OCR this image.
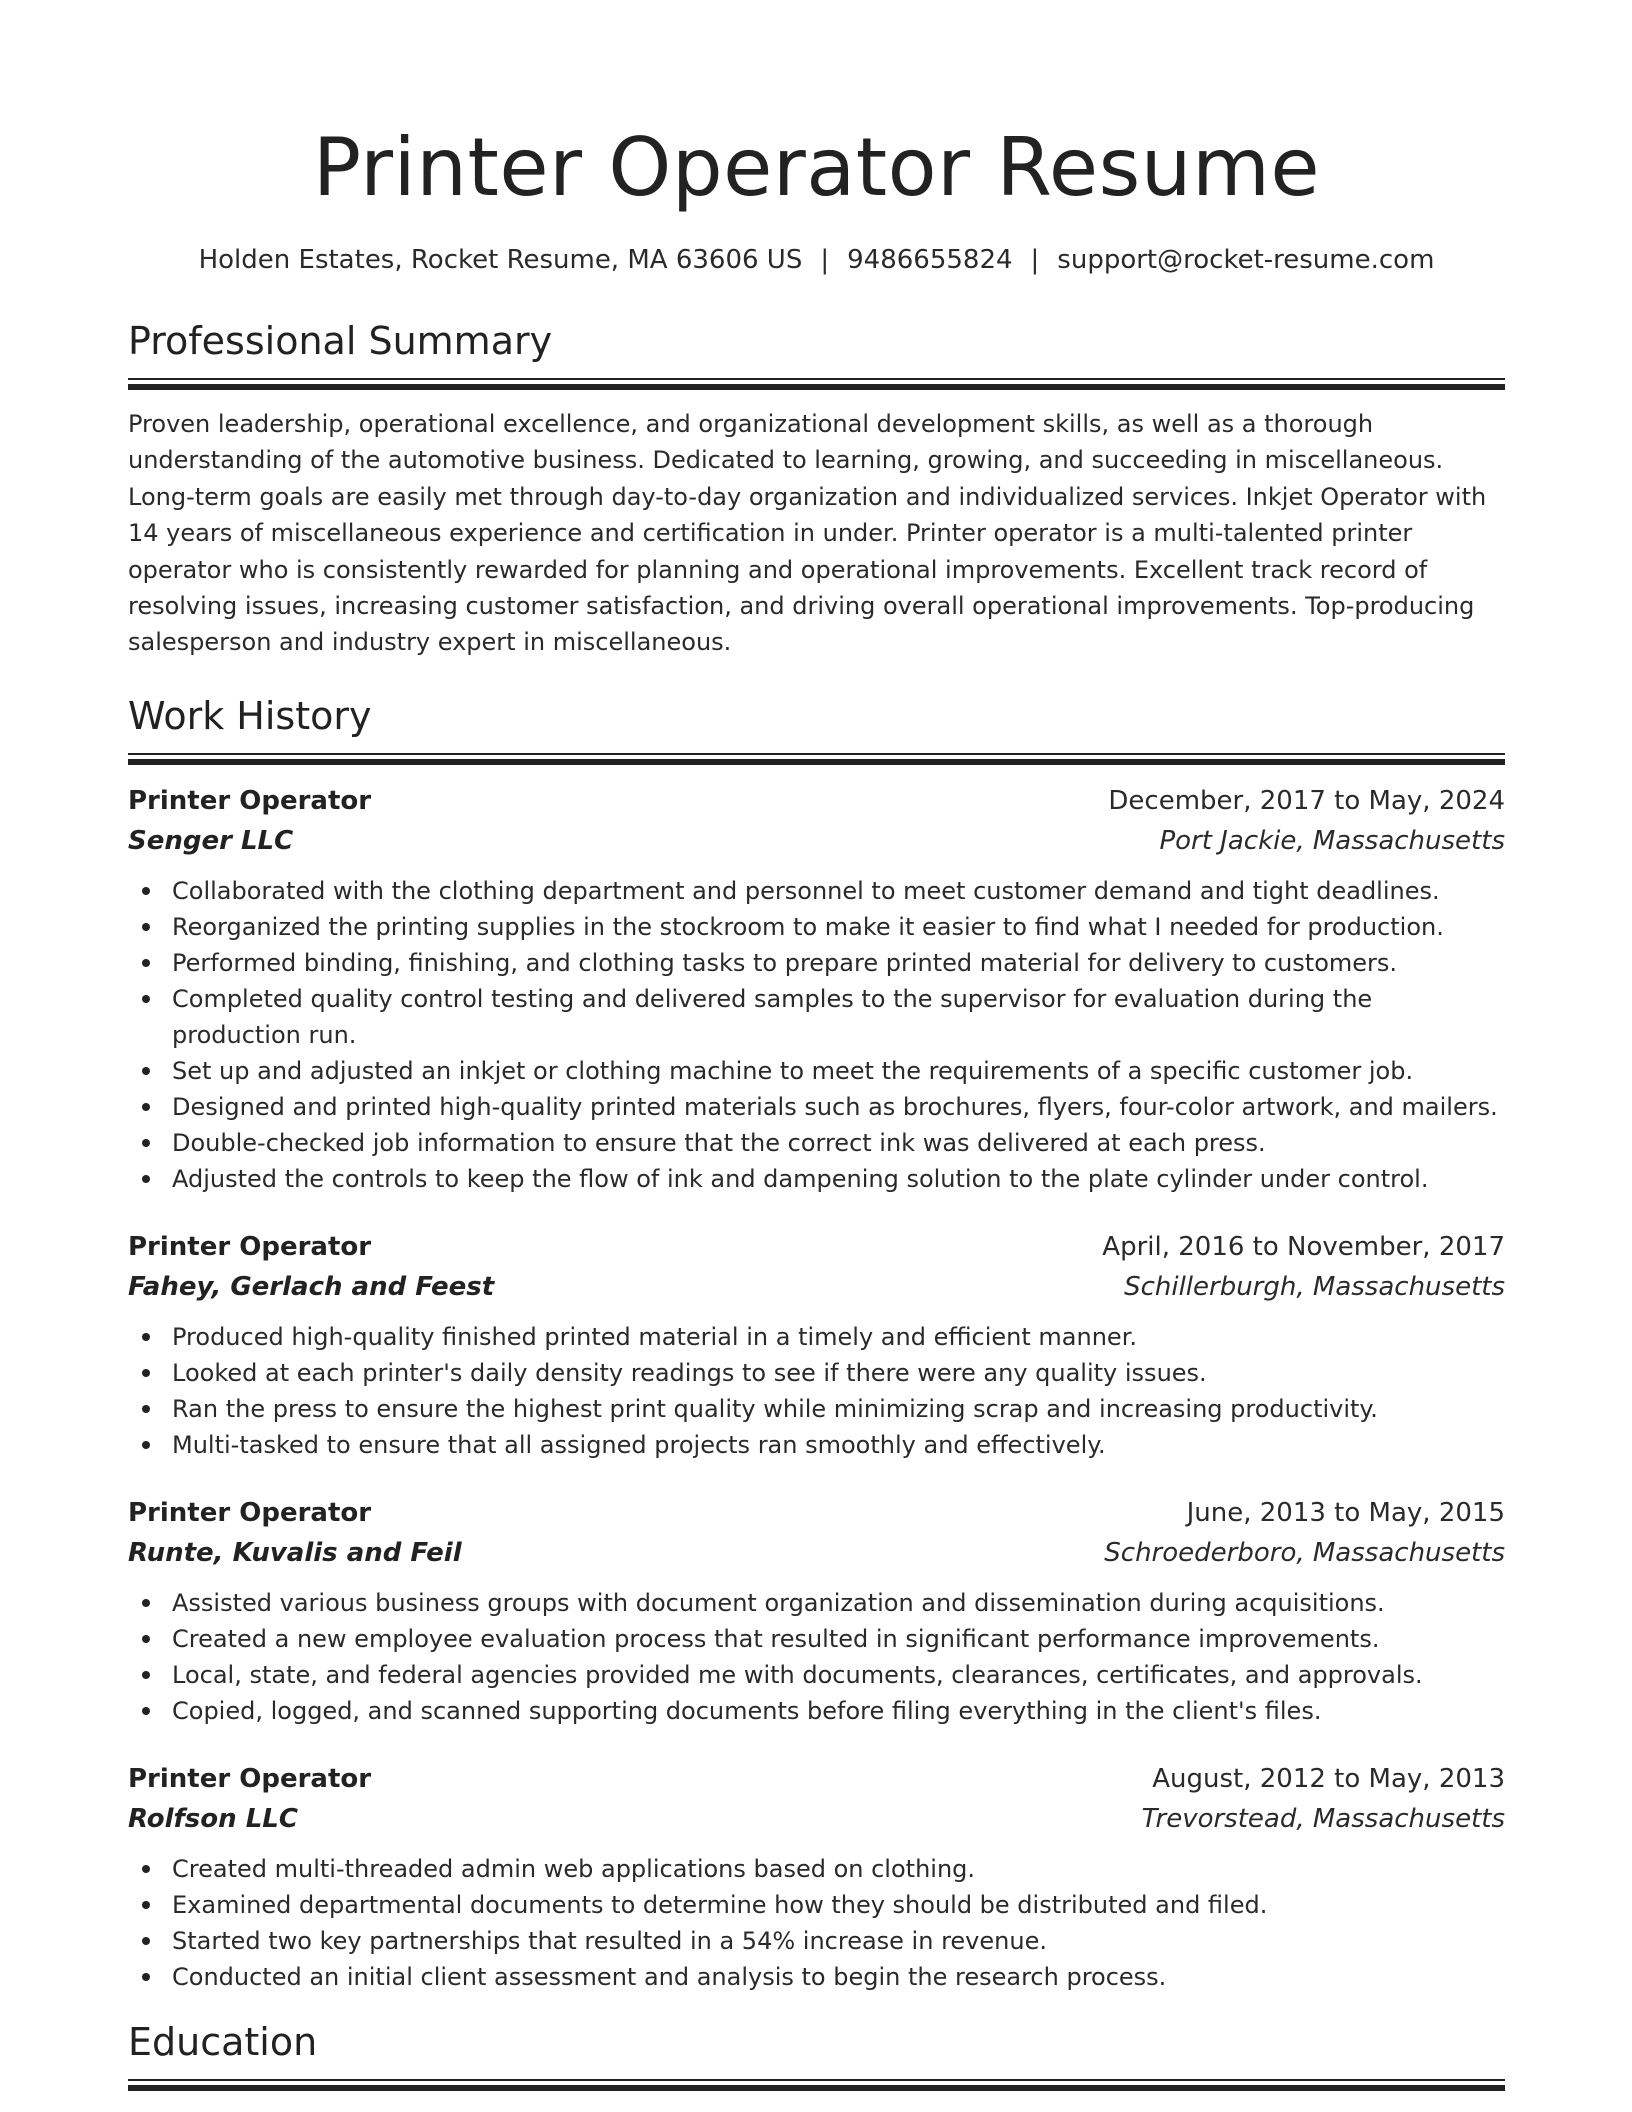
Printer Operator Resume
Holden Estates, Rocket Resume, MA 63606 US | 9486655824 | support@rocket-resume.com
Professional Summary

Proven leadership, operational excellence, and organizational development skills, as well as a thorough understanding of the automotive business. Dedicated to learning, growing, and succeeding in miscellaneous. Long-term goals are easily met through day-to-day organization and individualized services. Inkjet Operator with 14 years of miscellaneous experience and certification in under. Printer operator is a multi-talented printer operator who is consistently rewarded for planning and operational improvements. Excellent track record of resolving issues, increasing customer satisfaction, and driving overall operational improvements. Top-producing salesperson and industry expert in miscellaneous.

Work History
Printer Operator	December, 2017 to May, 2024
Senger LLC	Port Jackie, Massachusetts
Collaborated with the clothing department and personnel to meet customer demand and tight deadlines.
Reorganized the printing supplies in the stockroom to make it easier to find what I needed for production.
Performed binding, finishing, and clothing tasks to prepare printed material for delivery to customers.
Completed quality control testing and delivered samples to the supervisor for evaluation during the production run.
Set up and adjusted an inkjet or clothing machine to meet the requirements of a specific customer job.
Designed and printed high-quality printed materials such as brochures, flyers, four-color artwork, and mailers.
Double-checked job information to ensure that the correct ink was delivered at each press.
Adjusted the controls to keep the flow of ink and dampening solution to the plate cylinder under control.
Printer Operator	April, 2016 to November, 2017
Fahey, Gerlach and Feest	Schillerburgh, Massachusetts
Produced high-quality finished printed material in a timely and efficient manner.
Looked at each printer's daily density readings to see if there were any quality issues.
Ran the press to ensure the highest print quality while minimizing scrap and increasing productivity.
Multi-tasked to ensure that all assigned projects ran smoothly and effectively.
Printer Operator	June, 2013 to May, 2015
Runte, Kuvalis and Feil	Schroederboro, Massachusetts
Assisted various business groups with document organization and dissemination during acquisitions.
Created a new employee evaluation process that resulted in significant performance improvements.
Local, state, and federal agencies provided me with documents, clearances, certificates, and approvals.
Copied, logged, and scanned supporting documents before filing everything in the client's files.
Printer Operator	August, 2012 to May, 2013
Rolfson LLC	Trevorstead, Massachusetts
Created multi-threaded admin web applications based on clothing.
Examined departmental documents to determine how they should be distributed and filed.
Started two key partnerships that resulted in a 54% increase in revenue.
Conducted an initial client assessment and analysis to begin the research process.
Education
